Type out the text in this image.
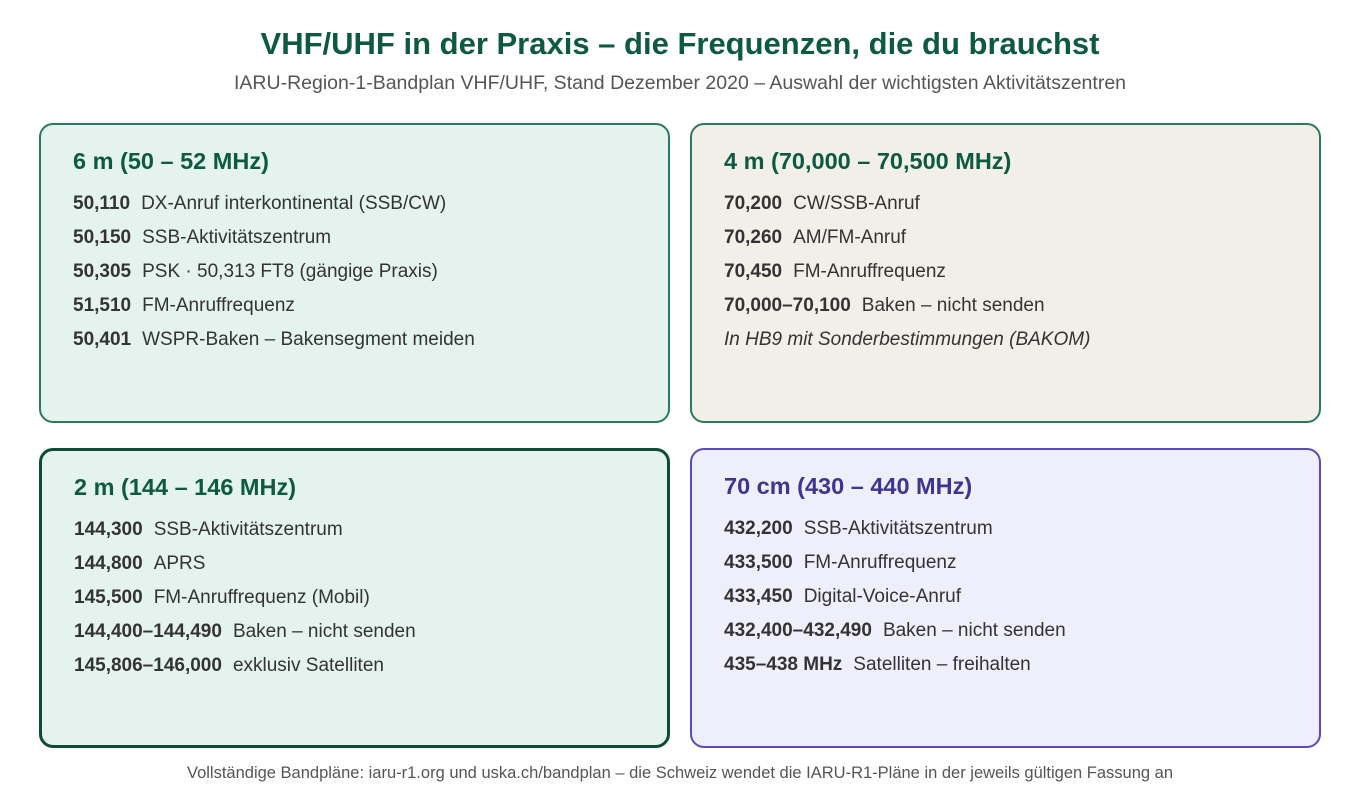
VHF/UHF in der Praxis – die Frequenzen, die du brauchst
IARU-Region-1-Bandplan VHF/UHF, Stand Dezember 2020 – Auswahl der wichtigsten Aktivitätszentren
6 m (50 – 52 MHz)
50,110 DX-Anruf interkontinental (SSB/CW)
50,150 SSB-Aktivitätszentrum
50,305 PSK · 50,313 FT8 (gängige Praxis)
51,510 FM-Anruffrequenz
50,401 WSPR-Baken – Bakensegment meiden
4 m (70,000 – 70,500 MHz)
70,200 CW/SSB-Anruf
70,260 AM/FM-Anruf
70,450 FM-Anruffrequenz
70,000–70,100 Baken – nicht senden
In HB9 mit Sonderbestimmungen (BAKOM)
2 m (144 – 146 MHz)
144,300 SSB-Aktivitätszentrum
144,800 APRS
145,500 FM-Anruffrequenz (Mobil)
144,400–144,490 Baken – nicht senden
145,806–146,000 exklusiv Satelliten
70 cm (430 – 440 MHz)
432,200 SSB-Aktivitätszentrum
433,500 FM-Anruffrequenz
433,450 Digital-Voice-Anruf
432,400–432,490 Baken – nicht senden
435–438 MHz Satelliten – freihalten
Vollständige Bandpläne: iaru-r1.org und uska.ch/bandplan – die Schweiz wendet die IARU-R1-Pläne in der jeweils gültigen Fassung an
